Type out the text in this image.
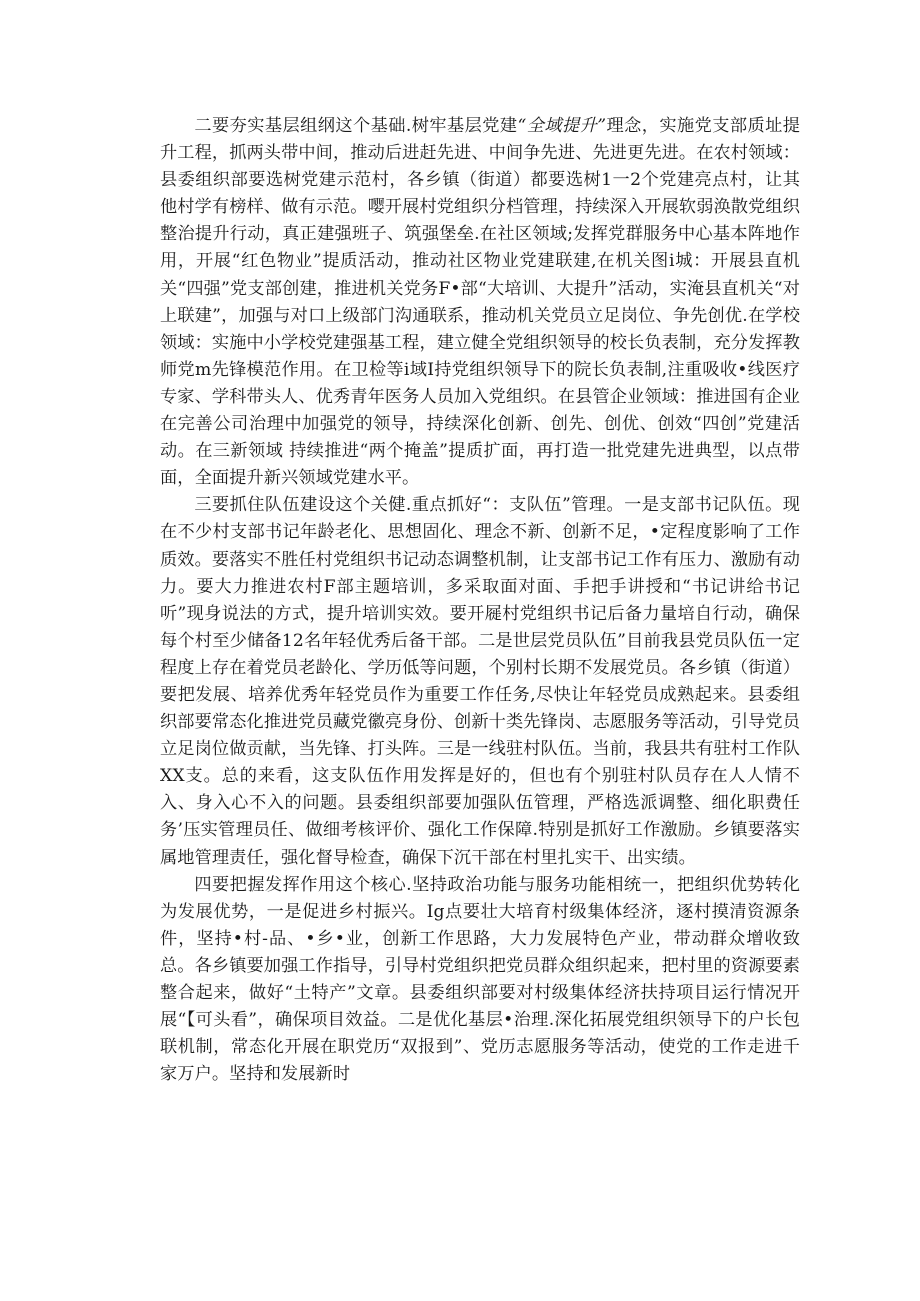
二要夯实基层组纲这个基础.树牢基层党建“全域提升”理念，实施党支部质址提升工程，抓两头带中间，推动后进赶先进、中间争先进、先进更先进。在农村领域：县委组织部要选树党建示范村，各乡镇（街道）都要选树1一2个党建亮点村，让其他村学有榜样、做有示范。嘤开展村党组织分档管理，持续深入开展软弱涣散党组织整治提升行动，真正建强班子、筑强堡垒.在社区领域;发挥党群服务中心基本阵地作用，开展“红色物业”提质活动，推动社区物业党建联建,在机关图i城：开展县直机关“四强”党支部创建，推进机关党务F•部“大培训、大提升”活动，实淹县直机关“对上联建”，加强与对口上级部门沟通联系，推动机关党员立足岗位、争先创优.在学校领域：实施中小学校党建强基工程，建立健全党组织领导的校长负表制，充分发挥教师党m先锋模范作用。在卫检等i域I持党组织领导下的院长负表制,注重吸收•线医疗专家、学科带头人、优秀青年医务人员加入党组织。在县管企业领域：推进国有企业在完善公司治理中加强党的领导，持续深化创新、创先、创优、创效“四创”党建活动。在三新领域 持续推进“两个掩盖”提质扩面，再打造一批党建先进典型，以点带面，全面提升新兴领域党建水平。

三要抓住队伍建设这个关健.重点抓好“：支队伍”管理。一是支部书记队伍。现在不少村支部书记年龄老化、思想固化、理念不新、创新不足，•定程度影响了工作质效。要落实不胜任村党组织书记动态调整机制，让支部书记工作有压力、激励有动力。要大力推进农村F部主题培训，多采取面对面、手把手讲授和“书记讲给书记听”现身说法的方式，提升培训实效。要开屣村党组织书记后备力量培自行动，确保每个村至少储备12名年轻优秀后备干部。二是世层党员队伍”目前我县党员队伍一定程度上存在着党员老龄化、学历低等问题，个别村长期不发展党员。各乡镇（街道）要把发展、培养优秀年轻党员作为重要工作任务,尽快让年轻党员成熟起来。县委组织部要常态化推进党员藏党徽亮身份、创新十类先锋岗、志愿服务等活动，引导党员立足岗位做贡献，当先锋、打头阵。三是一线驻村队伍。当前，我县共有驻村工作队XX支。总的来看，这支队伍作用发挥是好的，但也有个别驻村队员存在人人情不入、身入心不入的问题。县委组织部要加强队伍管理，严格选派调整、细化职费任务’压实管理员任、做细考核评价、强化工作保障.特别是抓好工作激励。乡镇要落实属地管理责任，强化督导检查，确保下沉干部在村里扎实干、出实绩。

四要把握发挥作用这个核心.坚持政治功能与服务功能相统一，把组织优势转化为发展优势，一是促进乡村振兴。Ig点要壮大培育村级集体经济，逐村摸清资源条件，坚持•村-品、•乡•业，创新工作思路，大力发展特色产业，带动群众增收致总。各乡镇要加强工作指导，引导村党组织把党员群众组织起来，把村里的资源要素整合起来，做好“土特产”文章。县委组织部要对村级集体经济扶持项目运行情况开展“【可头看”，确保项目效益。二是优化基层•治理.深化拓展党组织领导下的户长包联机制，常态化开展在职党历“双报到”、党历志愿服务等活动，使党的工作走进千家万户。坚持和发展新时
